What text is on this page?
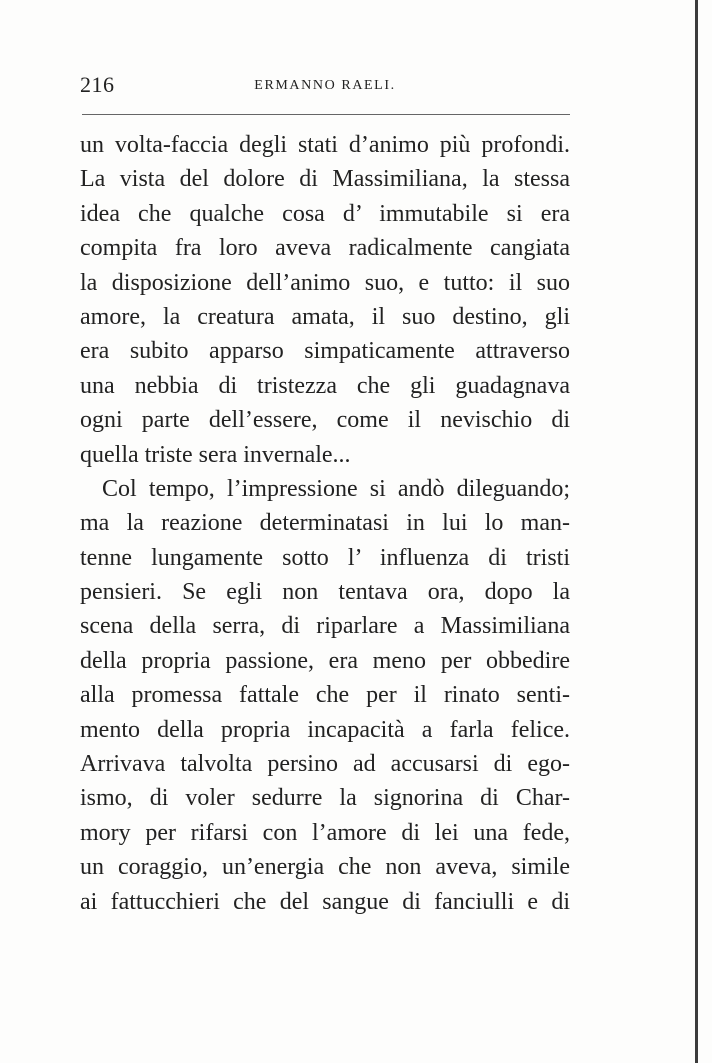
216	ERMANNO RAELI.
un volta-faccia degli stati d’animo più profondi.
La vista del dolore di Massimiliana, la stessa
idea che qualche cosa d’ immutabile si era
compita fra loro aveva radicalmente cangiata
la disposizione dell’animo suo, e tutto: il suo
amore, la creatura amata, il suo destino, gli
era subito apparso simpaticamente attraverso
una nebbia di tristezza che gli guadagnava
ogni parte dell’essere, come il nevischio di
quella triste sera invernale...
Col tempo, l’impressione si andò dileguando;
ma la reazione determinatasi in lui lo man-
tenne lungamente sotto l’ influenza di tristi
pensieri. Se egli non tentava ora, dopo la
scena della serra, di riparlare a Massimiliana
della propria passione, era meno per obbedire
alla promessa fattale che per il rinato senti-
mento della propria incapacità a farla felice.
Arrivava talvolta persino ad accusarsi di ego-
ismo, di voler sedurre la signorina di Char-
mory per rifarsi con l’amore di lei una fede,
un coraggio, un’energia che non aveva, simile
ai fattucchieri che del sangue di fanciulli e di
